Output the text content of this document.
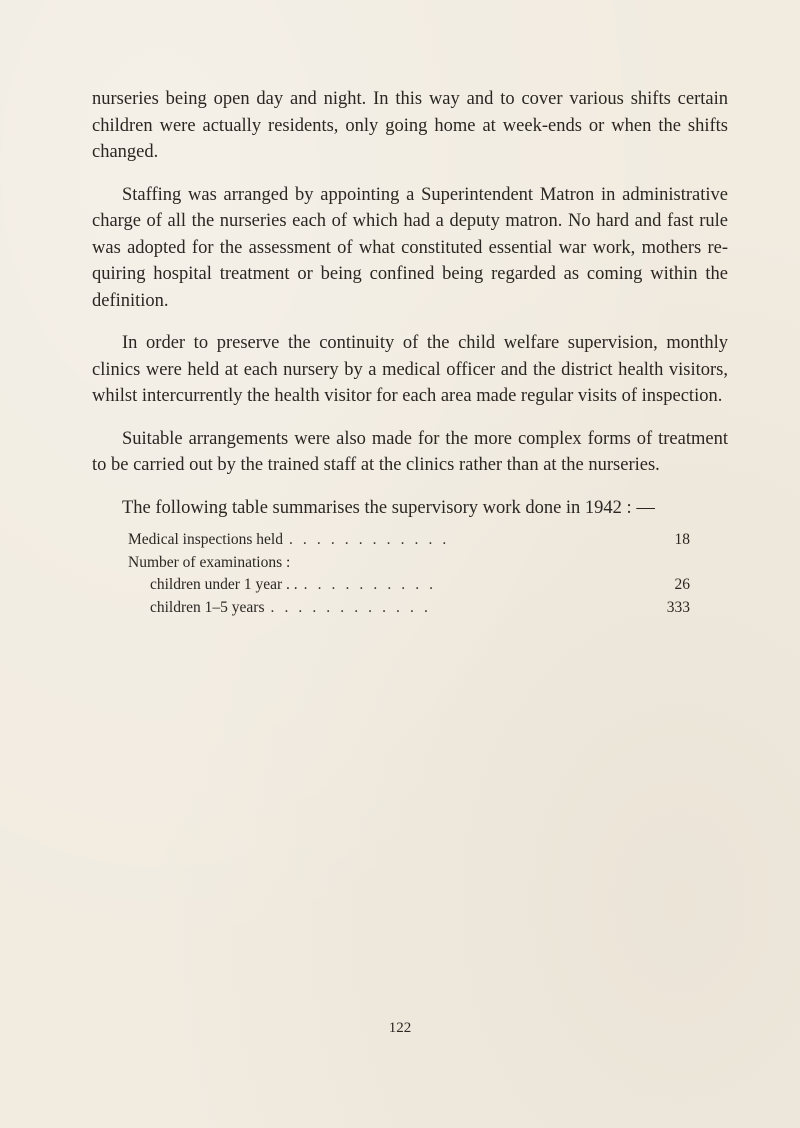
nurseries being open day and night. In this way and to cover various shifts certain children were actually residents, only going home at week-ends or when the shifts changed.

Staffing was arranged by appointing a Superintendent Matron in administrative charge of all the nurseries each of which had a deputy matron. No hard and fast rule was adopted for the assessment of what constituted essential war work, mothers re- quiring hospital treatment or being confined being regarded as coming within the definition.

In order to preserve the continuity of the child welfare supervision, monthly clinics were held at each nursery by a medical officer and the district health visitors, whilst intercurrently the health visitor for each area made regular visits of inspection.

Suitable arrangements were also made for the more complex forms of treatment to be carried out by the trained staff at the clinics rather than at the nurseries.

The following table summarises the supervisory work done in 1942 : —

Medical inspections held . . . . . . . . . . . .	18
Number of examinations :
children under 1 year . . . . . . . . . . . .	26
children 1–5 years . . . . . . . . . . . .	333
122
